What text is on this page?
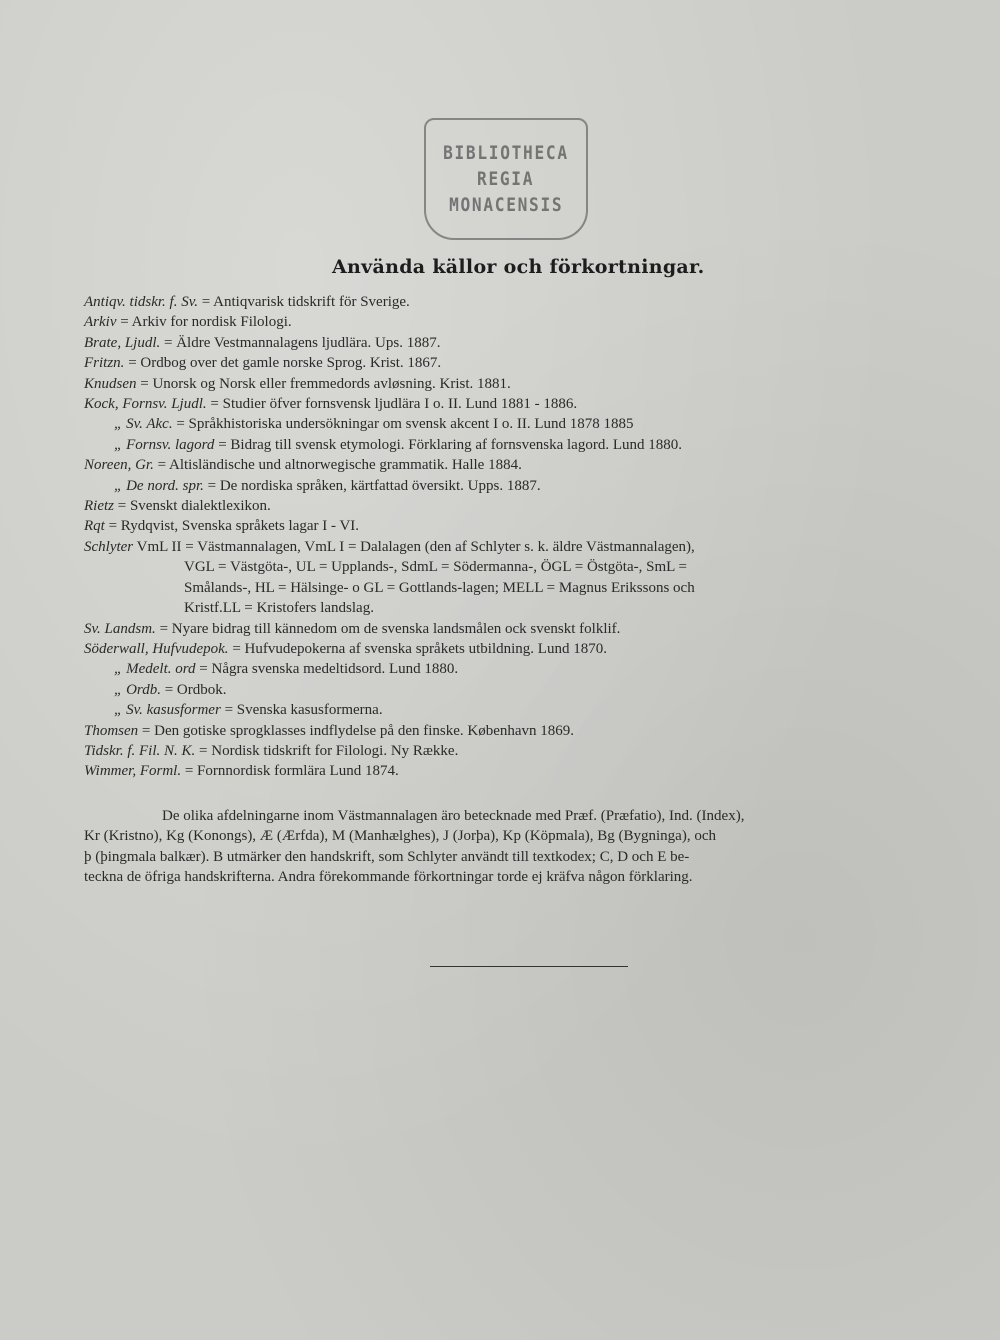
BIBLIOTHECA
REGIA
MONACENSIS
Använda källor och förkortningar.
Antiqv. tidskr. f. Sv. = Antiqvarisk tidskrift för Sverige.
Arkiv = Arkiv for nordisk Filologi.
Brate, Ljudl. = Äldre Vestmannalagens ljudlära. Ups. 1887.
Fritzn. = Ordbog over det gamle norske Sprog. Krist. 1867.
Knudsen = Unorsk og Norsk eller fremmedords avløsning. Krist. 1881.
Kock, Fornsv. Ljudl. = Studier öfver fornsvensk ljudlära I o. II. Lund 1881 - 1886.
„ Sv. Akc. = Språkhistoriska undersökningar om svensk akcent I o. II. Lund 1878 1885
„ Fornsv. lagord = Bidrag till svensk etymologi. Förklaring af fornsvenska lagord. Lund 1880.
Noreen, Gr. = Altisländische und altnorwegische grammatik. Halle 1884.
„ De nord. spr. = De nordiska språken, kärtfattad översikt. Upps. 1887.
Rietz = Svenskt dialektlexikon.
Rqt = Rydqvist, Svenska språkets lagar I - VI.
Schlyter VmL II = Västmannalagen, VmL I = Dalalagen (den af Schlyter s. k. äldre Västmannalagen),
VGL = Västgöta-, UL = Upplands-, SdmL = Södermanna-, ÖGL = Östgöta-, SmL =
Smålands-, HL = Hälsinge- o GL = Gottlands-lagen; MELL = Magnus Erikssons och
Kristf.LL = Kristofers landslag.
Sv. Landsm. = Nyare bidrag till kännedom om de svenska landsmålen ock svenskt folklif.
Söderwall, Hufvudepok. = Hufvudepokerna af svenska språkets utbildning. Lund 1870.
„ Medelt. ord = Några svenska medeltidsord. Lund 1880.
„ Ordb. = Ordbok.
„ Sv. kasusformer = Svenska kasusformerna.
Thomsen = Den gotiske sprogklasses indflydelse på den finske. København 1869.
Tidskr. f. Fil. N. K. = Nordisk tidskrift for Filologi. Ny Række.
Wimmer, Forml. = Fornnordisk formlära Lund 1874.
De olika afdelningarne inom Västmannalagen äro betecknade med Præf. (Præfatio), Ind. (Index),
Kr (Kristno), Kg (Konongs), Æ (Ærfda), M (Manhælghes), J (Jorþa), Kp (Köpmala), Bg (Bygninga), och
þ (þingmala balkær). B utmärker den handskrift, som Schlyter användt till textkodex; C, D och E be-
teckna de öfriga handskrifterna. Andra förekommande förkortningar torde ej kräfva någon förklaring.
